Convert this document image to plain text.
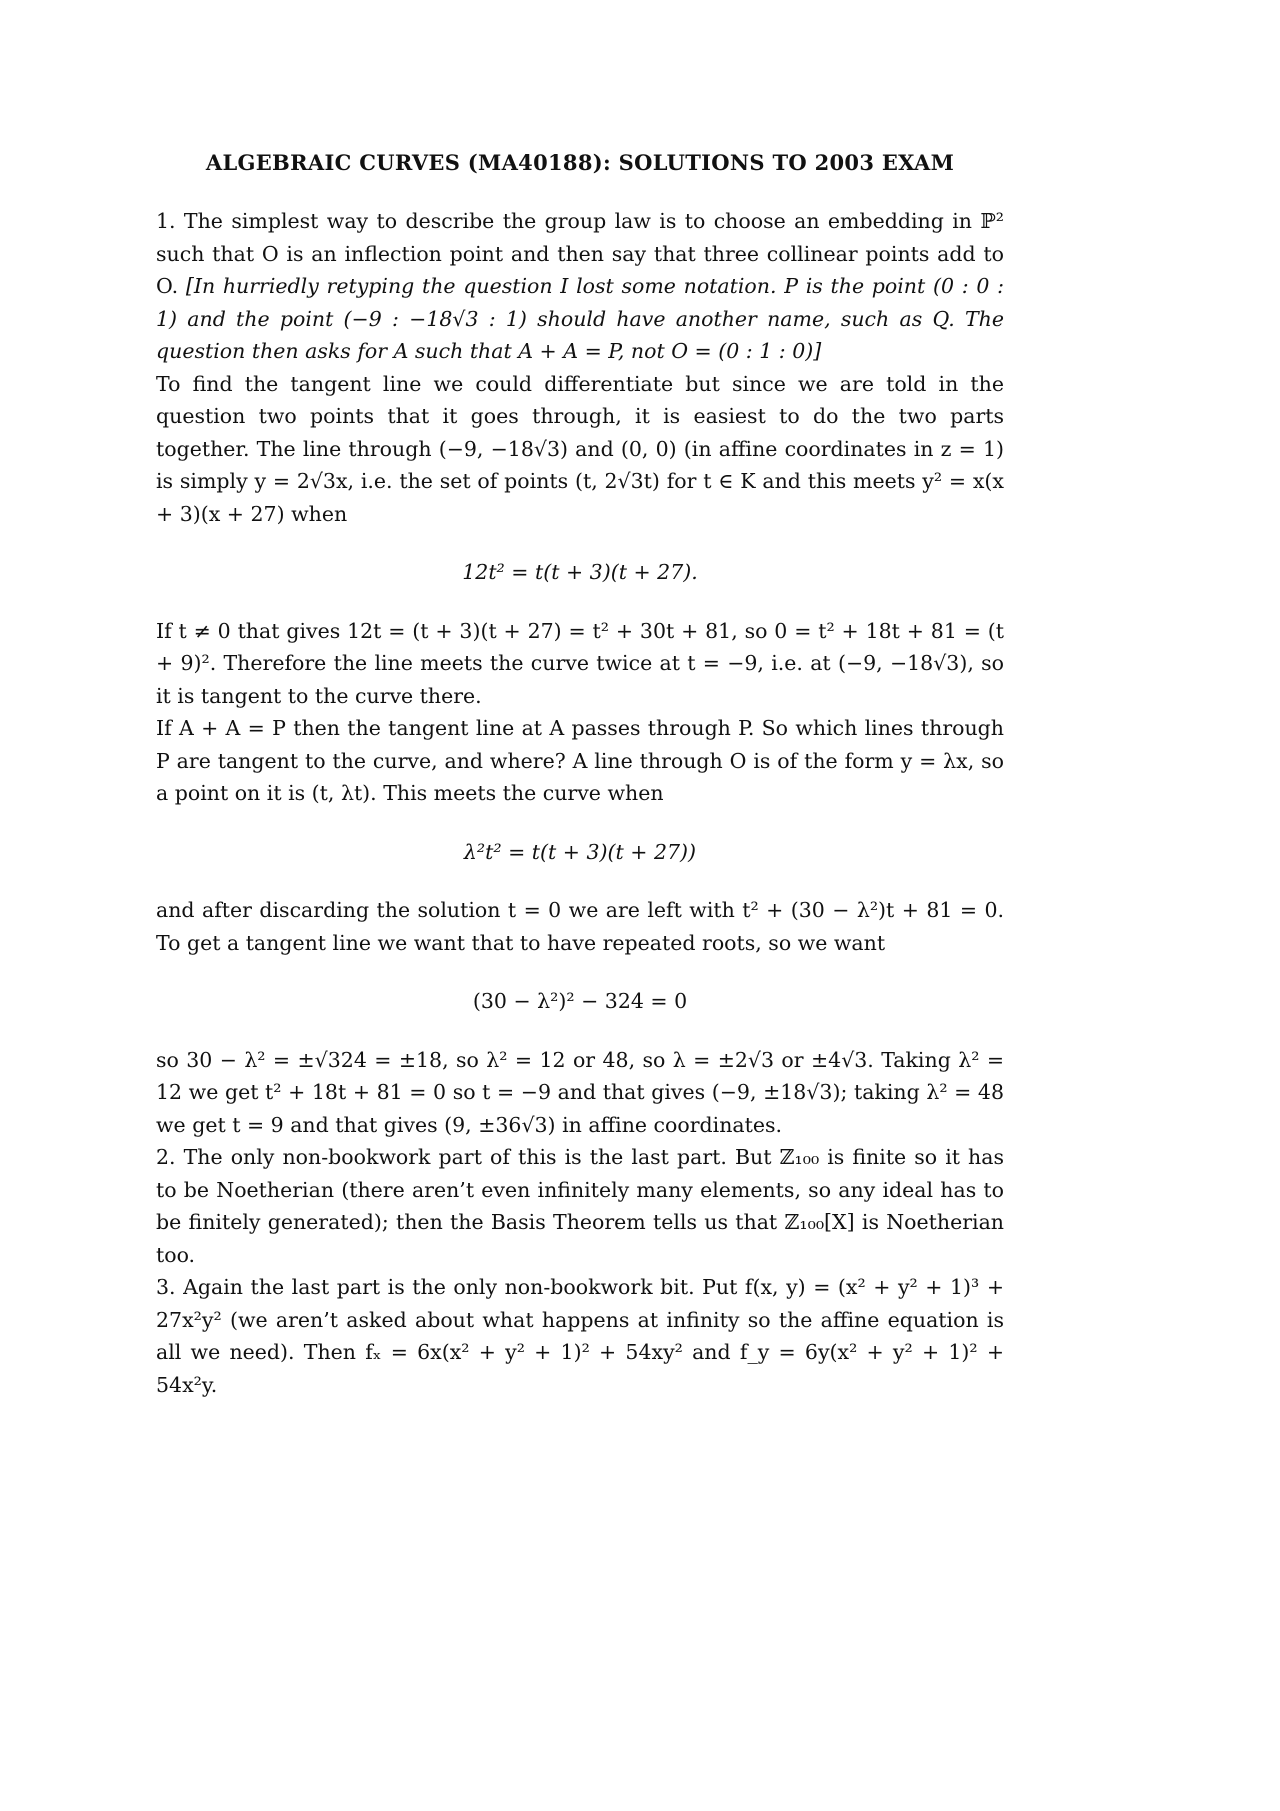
ALGEBRAIC CURVES (MA40188): SOLUTIONS TO 2003 EXAM

1. The simplest way to describe the group law is to choose an embedding in ℙ² such that O is an inflection point and then say that three collinear points add to O. [In hurriedly retyping the question I lost some notation. P is the point (0 : 0 : 1) and the point (−9 : −18√3 : 1) should have another name, such as Q. The question then asks for A such that A + A = P, not O = (0 : 1 : 0)]

To find the tangent line we could differentiate but since we are told in the question two points that it goes through, it is easiest to do the two parts together. The line through (−9, −18√3) and (0, 0) (in affine coordinates in z = 1) is simply y = 2√3x, i.e. the set of points (t, 2√3t) for t ∈ K and this meets y² = x(x + 3)(x + 27) when

12t² = t(t + 3)(t + 27).

If t ≠ 0 that gives 12t = (t + 3)(t + 27) = t² + 30t + 81, so 0 = t² + 18t + 81 = (t + 9)². Therefore the line meets the curve twice at t = −9, i.e. at (−9, −18√3), so it is tangent to the curve there.

If A + A = P then the tangent line at A passes through P. So which lines through P are tangent to the curve, and where? A line through O is of the form y = λx, so a point on it is (t, λt). This meets the curve when

λ²t² = t(t + 3)(t + 27))

and after discarding the solution t = 0 we are left with t² + (30 − λ²)t + 81 = 0. To get a tangent line we want that to have repeated roots, so we want

(30 − λ²)² − 324 = 0

so 30 − λ² = ±√324 = ±18, so λ² = 12 or 48, so λ = ±2√3 or ±4√3. Taking λ² = 12 we get t² + 18t + 81 = 0 so t = −9 and that gives (−9, ±18√3); taking λ² = 48 we get t = 9 and that gives (9, ±36√3) in affine coordinates.

2. The only non-bookwork part of this is the last part. But ℤ₁₀₀ is finite so it has to be Noetherian (there aren’t even infinitely many elements, so any ideal has to be finitely generated); then the Basis Theorem tells us that ℤ₁₀₀[X] is Noetherian too.

3. Again the last part is the only non-bookwork bit. Put f(x, y) = (x² + y² + 1)³ + 27x²y² (we aren’t asked about what happens at infinity so the affine equation is all we need). Then fₓ = 6x(x² + y² + 1)² + 54xy² and f_y = 6y(x² + y² + 1)² + 54x²y.
